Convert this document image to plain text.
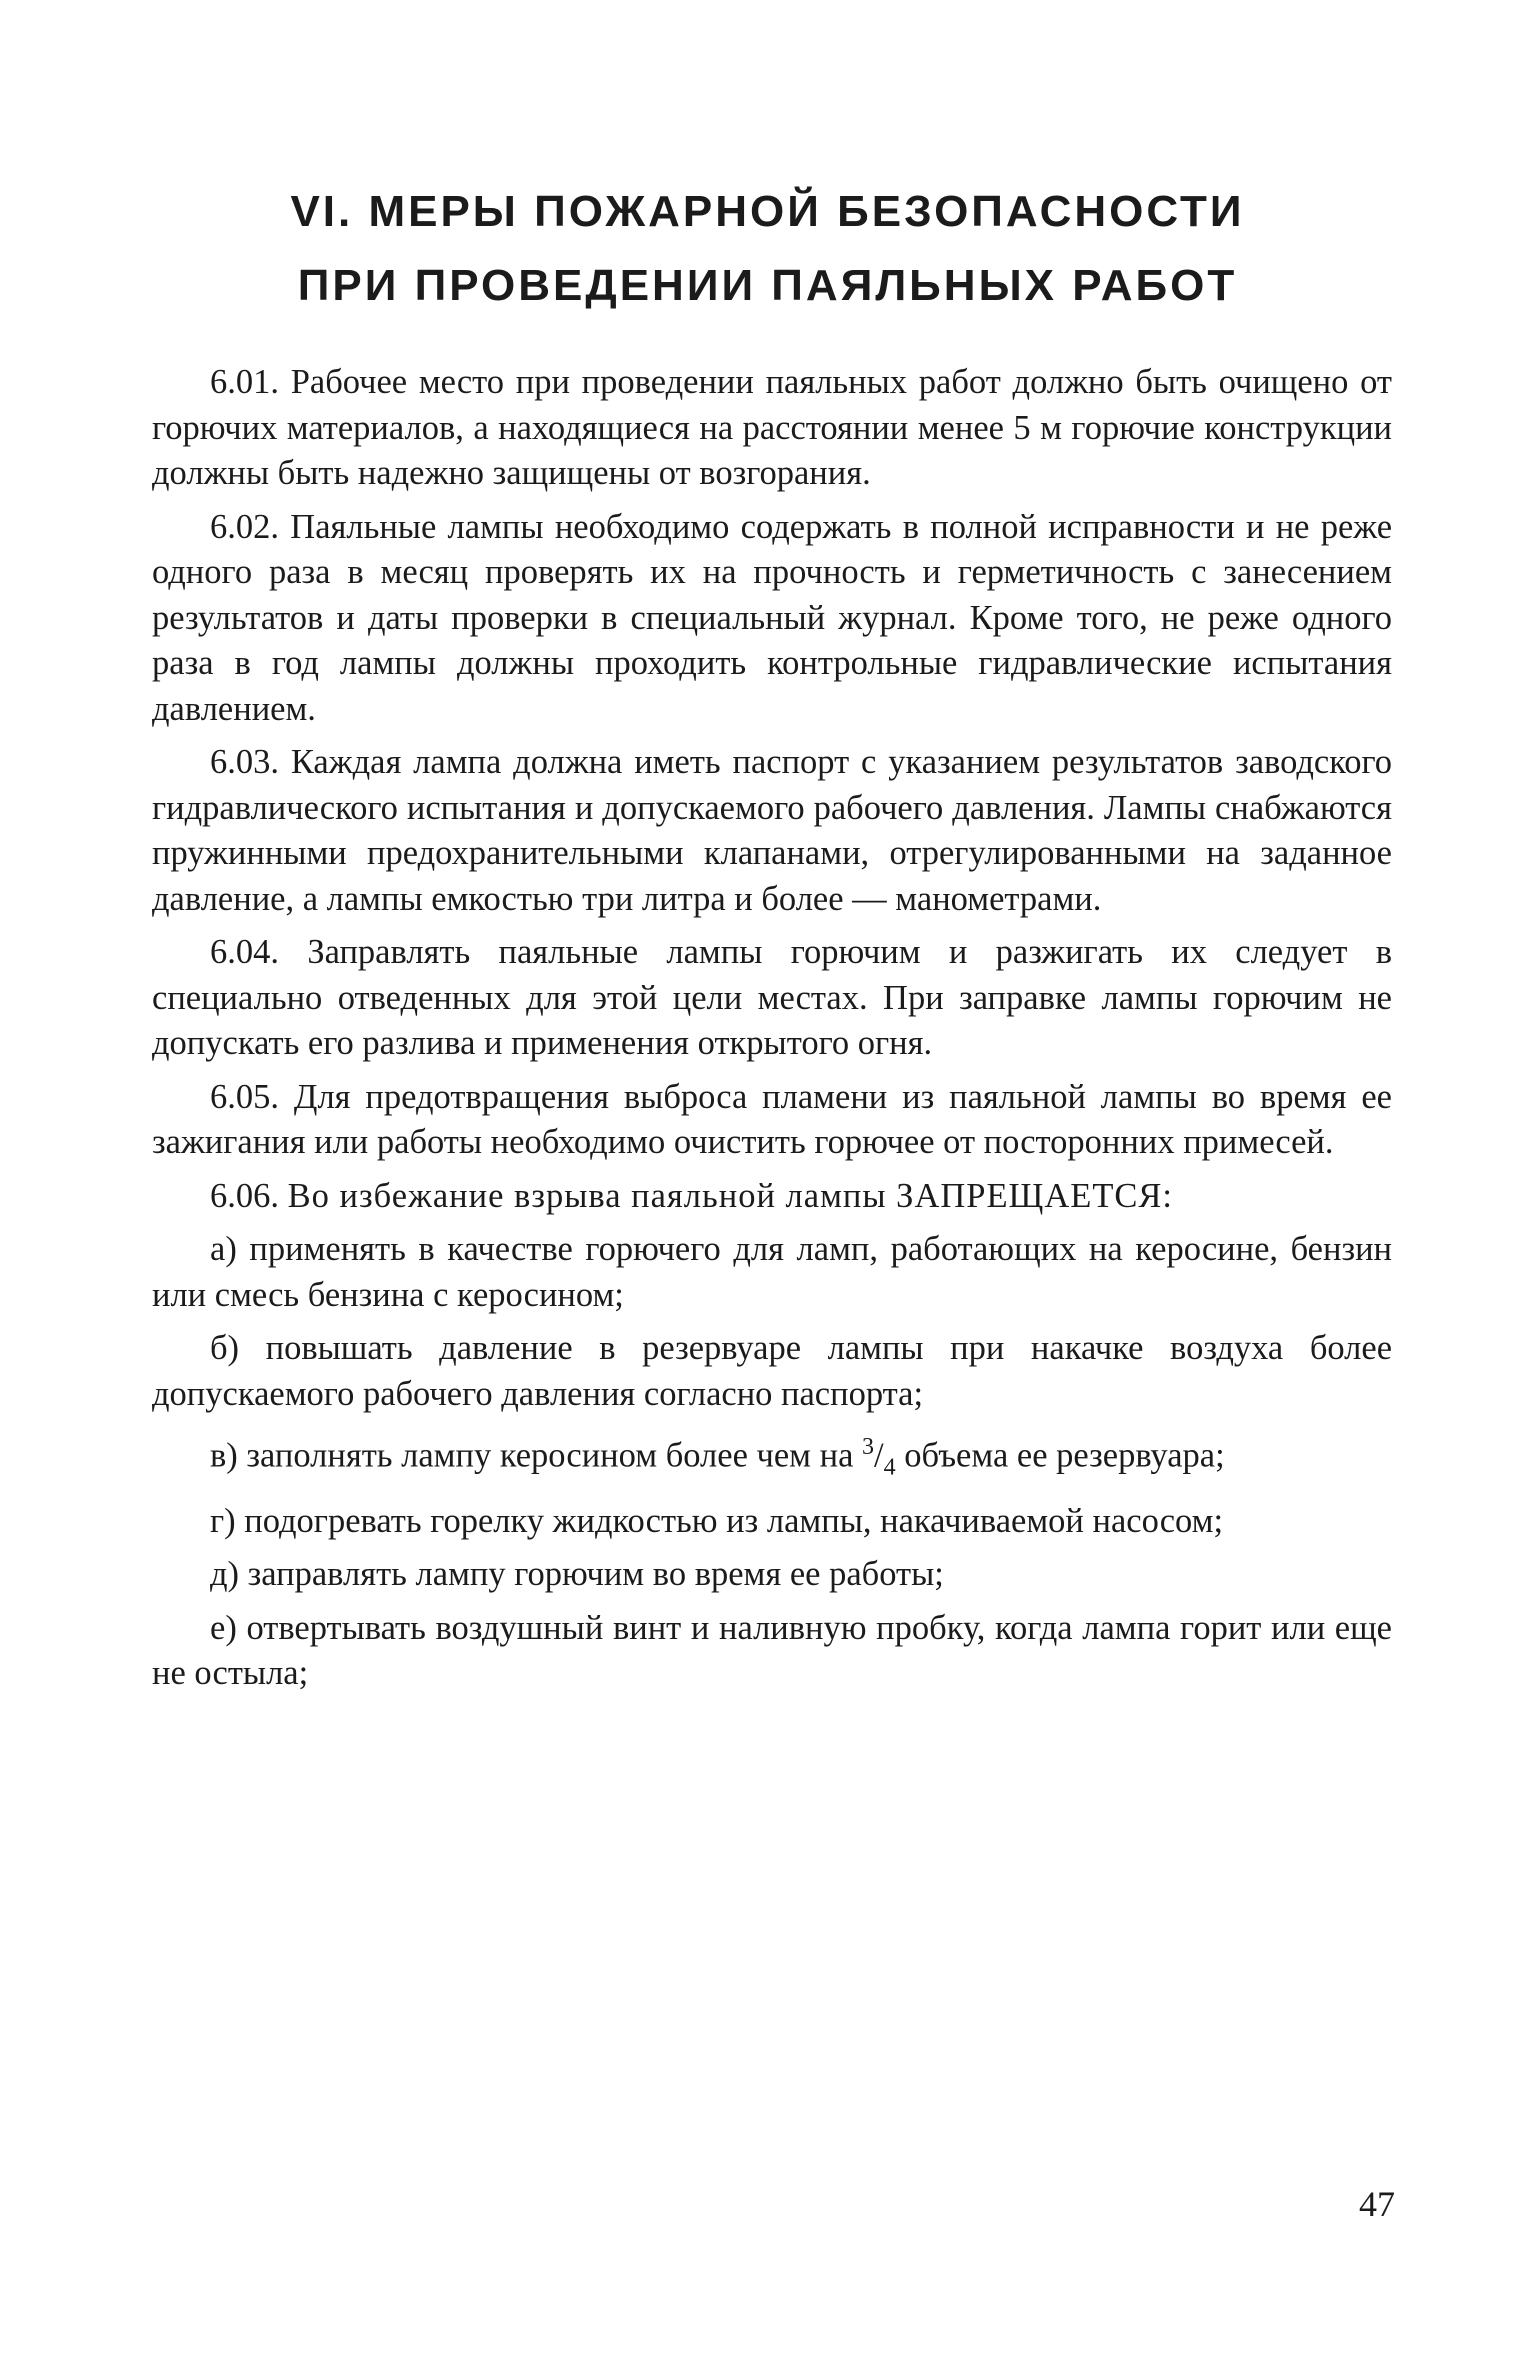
VI. МЕРЫ ПОЖАРНОЙ БЕЗОПАСНОСТИ
ПРИ ПРОВЕДЕНИИ ПАЯЛЬНЫХ РАБОТ

6.01. Рабочее место при проведении паяльных работ должно быть очищено от горючих материалов, а находящиеся на расстоянии менее 5 м горючие конструкции должны быть надежно защищены от возгорания.

6.02. Паяльные лампы необходимо содержать в полной исправности и не реже одного раза в месяц проверять их на прочность и герметичность с занесением результатов и даты проверки в специальный журнал. Кроме того, не реже одного раза в год лампы должны проходить контрольные гидравлические испытания давлением.

6.03. Каждая лампа должна иметь паспорт с указанием результатов заводского гидравлического испытания и допускаемого рабочего давления. Лампы снабжаются пружинными предохранительными клапанами, отрегулированными на заданное давление, а лампы емкостью три литра и более — манометрами.

6.04. Заправлять паяльные лампы горючим и разжигать их следует в специально отведенных для этой цели местах. При заправке лампы горючим не допускать его разлива и применения открытого огня.

6.05. Для предотвращения выброса пламени из паяльной лампы во время ее зажигания или работы необходимо очистить горючее от посторонних примесей.

6.06. Во избежание взрыва паяльной лампы ЗАПРЕЩАЕТСЯ:

а) применять в качестве горючего для ламп, работающих на керосине, бензин или смесь бензина с керосином;

б) повышать давление в резервуаре лампы при накачке воздуха более допускаемого рабочего давления согласно паспорта;

в) заполнять лампу керосином более чем на $^3/_4$ объема ее резервуара;

г) подогревать горелку жидкостью из лампы, накачиваемой насосом;

д) заправлять лампу горючим во время ее работы;

е) отвертывать воздушный винт и наливную пробку, когда лампа горит или еще не остыла;

47
